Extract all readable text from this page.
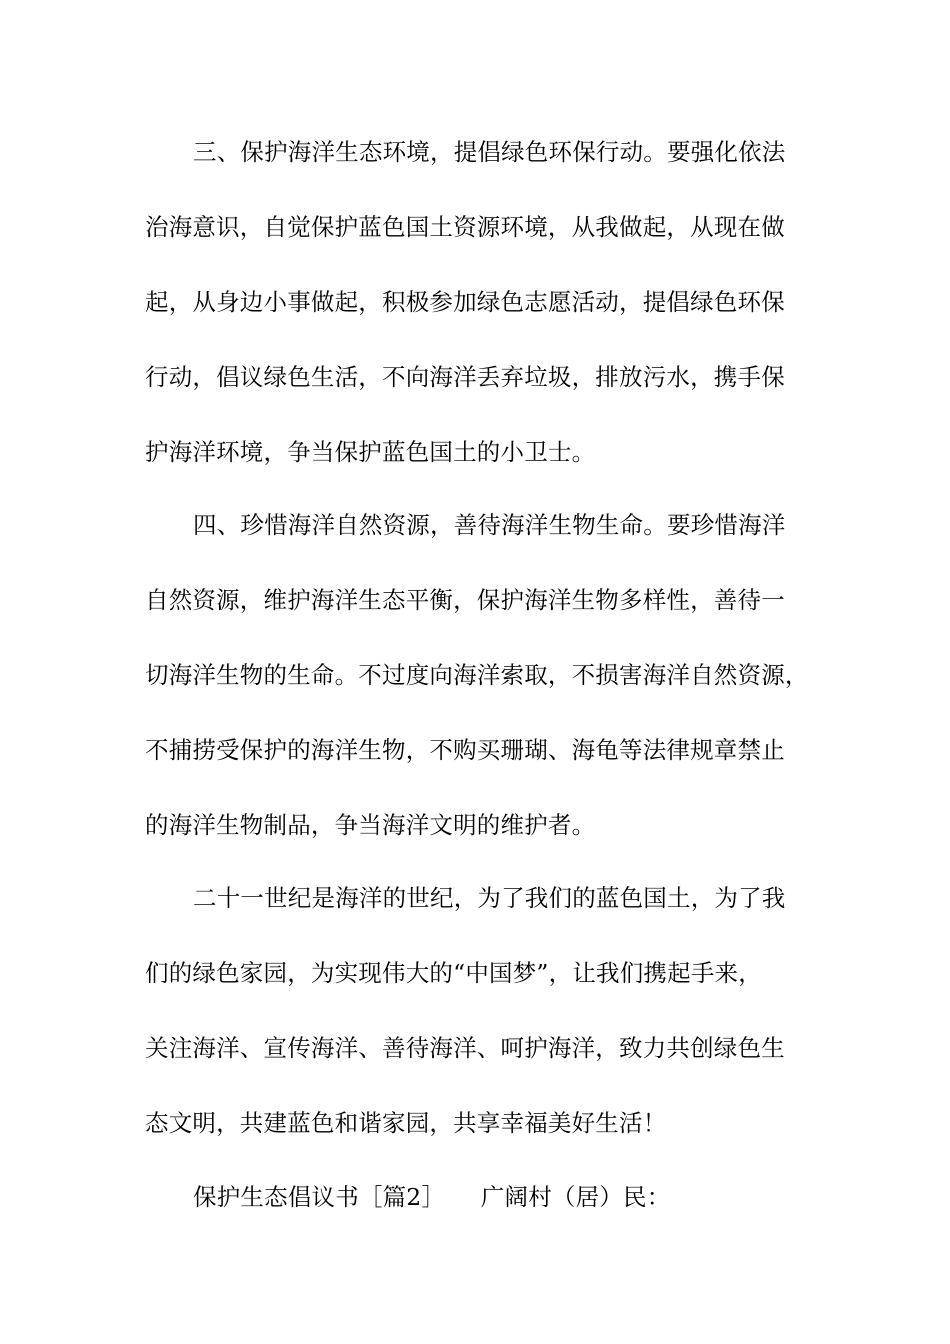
三、保护海洋生态环境，提倡绿色环保行动。要强化依法
治海意识，自觉保护蓝色国土资源环境，从我做起，从现在做
起，从身边小事做起，积极参加绿色志愿活动，提倡绿色环保
行动，倡议绿色生活，不向海洋丢弃垃圾，排放污水，携手保
护海洋环境，争当保护蓝色国土的小卫士。
四、珍惜海洋自然资源，善待海洋生物生命。要珍惜海洋
自然资源，维护海洋生态平衡，保护海洋生物多样性，善待一
切海洋生物的生命。不过度向海洋索取，不损害海洋自然资源，
不捕捞受保护的海洋生物，不购买珊瑚、海龟等法律规章禁止
的海洋生物制品，争当海洋文明的维护者。
二十一世纪是海洋的世纪，为了我们的蓝色国土，为了我
们的绿色家园，为实现伟大的“中国梦”，让我们携起手来，
关注海洋、宣传海洋、善待海洋、呵护海洋，致力共创绿色生
态文明，共建蓝色和谐家园，共享幸福美好生活！
保护生态倡议书［篇2］　　广阔村（居）民：
